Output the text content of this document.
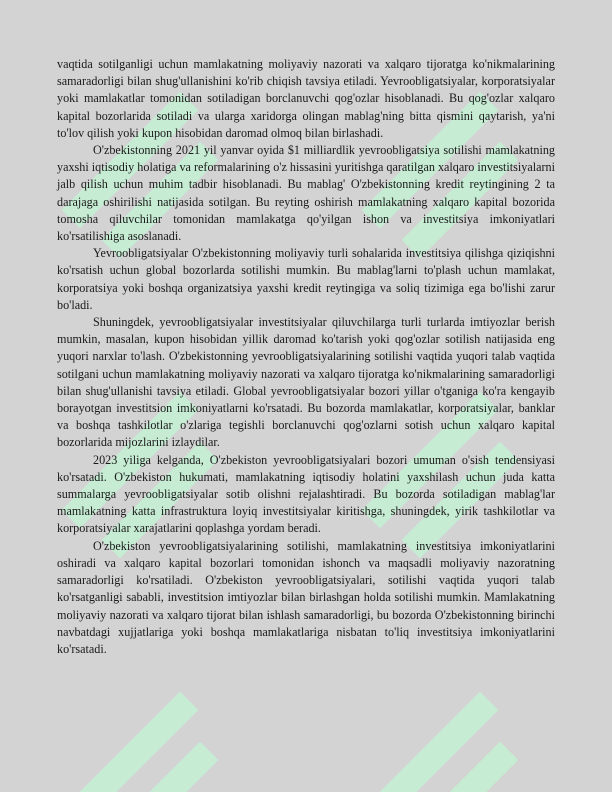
vaqtida sotilganligi uchun mamlakatning moliyaviy nazorati va xalqaro tijoratga ko'nikmalarining samaradorligi bilan shug'ullanishini ko'rib chiqish tavsiya etiladi. Yevroobligatsiyalar, korporatsiyalar yoki mamlakatlar tomonidan sotiladigan borclanuvchi qog'ozlar hisoblanadi. Bu qog'ozlar xalqaro kapital bozorlarida sotiladi va ularga xaridorga olingan mablag'ning bitta qismini qaytarish, ya'ni to'lov qilish yoki kupon hisobidan daromad olmoq bilan birlashadi.

O'zbekistonning 2021 yil yanvar oyida $1 milliardlik yevroobligatsiya sotilishi mamlakatning yaxshi iqtisodiy holatiga va reformalarining o'z hissasini yuritishga qaratilgan xalqaro investitsiyalarni jalb qilish uchun muhim tadbir hisoblanadi. Bu mablag' O'zbekistonning kredit reytingining 2 ta darajaga oshirilishi natijasida sotilgan. Bu reyting oshirish mamlakatning xalqaro kapital bozorida tomosha qiluvchilar tomonidan mamlakatga qo'yilgan ishon va investitsiya imkoniyatlari ko'rsatilishiga asoslanadi.

Yevroobligatsiyalar O'zbekistonning moliyaviy turli sohalarida investitsiya qilishga qiziqishni ko'rsatish uchun global bozorlarda sotilishi mumkin. Bu mablag'larni to'plash uchun mamlakat, korporatsiya yoki boshqa organizatsiya yaxshi kredit reytingiga va soliq tizimiga ega bo'lishi zarur bo'ladi.

Shuningdek, yevroobligatsiyalar investitsiyalar qiluvchilarga turli turlarda imtiyozlar berish mumkin, masalan, kupon hisobidan yillik daromad ko'tarish yoki qog'ozlar sotilish natijasida eng yuqori narxlar to'lash. O'zbekistonning yevroobligatsiyalarining sotilishi vaqtida yuqori talab vaqtida sotilgani uchun mamlakatning moliyaviy nazorati va xalqaro tijoratga ko'nikmalarining samaradorligi bilan shug'ullanishi tavsiya etiladi. Global yevroobligatsiyalar bozori yillar o'tganiga ko'ra kengayib borayotgan investitsion imkoniyatlarni ko'rsatadi. Bu bozorda mamlakatlar, korporatsiyalar, banklar va boshqa tashkilotlar o'zlariga tegishli borclanuvchi qog'ozlarni sotish uchun xalqaro kapital bozorlarida mijozlarini izlaydilar.

2023 yiliga kelganda, O'zbekiston yevroobligatsiyalari bozori umuman o'sish tendensiyasi ko'rsatadi. O'zbekiston hukumati, mamlakatning iqtisodiy holatini yaxshilash uchun juda katta summalarga yevroobligatsiyalar sotib olishni rejalashtiradi. Bu bozorda sotiladigan mablag'lar mamlakatning katta infrastruktura loyiq investitsiyalar kiritishga, shuningdek, yirik tashkilotlar va korporatsiyalar xarajatlarini qoplashga yordam beradi.

O'zbekiston yevroobligatsiyalarining sotilishi, mamlakatning investitsiya imkoniyatlarini oshiradi va xalqaro kapital bozorlari tomonidan ishonch va maqsadli moliyaviy nazoratning samaradorligi ko'rsatiladi. O'zbekiston yevroobligatsiyalari, sotilishi vaqtida yuqori talab ko'rsatganligi sababli, investitsion imtiyozlar bilan birlashgan holda sotilishi mumkin. Mamlakatning moliyaviy nazorati va xalqaro tijorat bilan ishlash samaradorligi, bu bozorda O'zbekistonning birinchi navbatdagi xujjatlariga yoki boshqa mamlakatlariga nisbatan to'liq investitsiya imkoniyatlarini ko'rsatadi.
